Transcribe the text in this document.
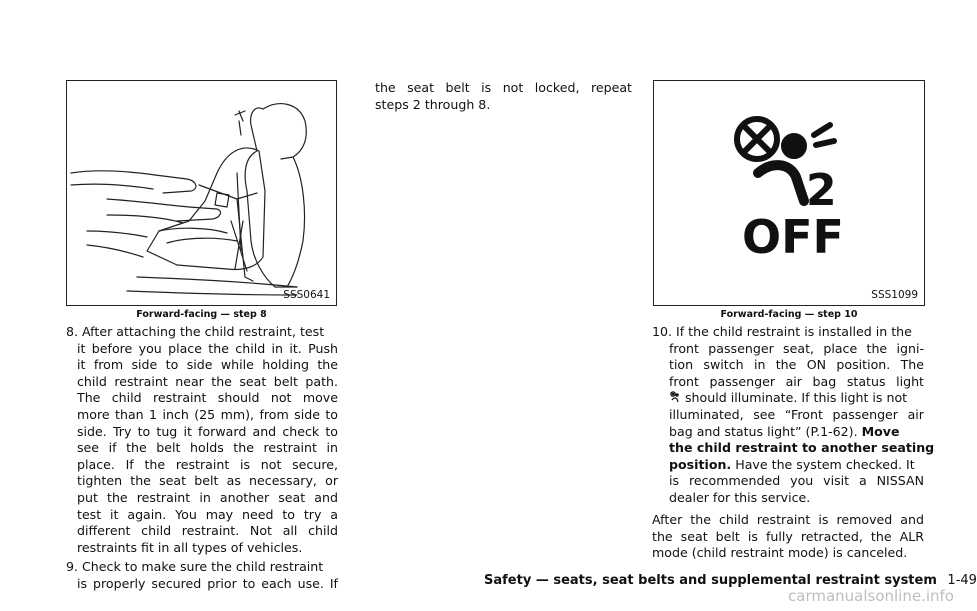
SSS0641
Forward-facing — step 8
8. After attaching the child restraint, test
it before you place the child in it. Push
it from side to side while holding the
child restraint near the seat belt path.
The child restraint should not move
more than 1 inch (25 mm), from side to
side. Try to tug it forward and check to
see if the belt holds the restraint in
place. If the restraint is not secure,
tighten the seat belt as necessary, or
put the restraint in another seat and
test it again. You may need to try a
different child restraint. Not all child
restraints fit in all types of vehicles.
9. Check to make sure the child restraint
is properly secured prior to each use. If
the seat belt is not locked, repeat
steps 2 through 8.
2
OFF
SSS1099
Forward-facing — step 10
10. If the child restraint is installed in the
front passenger seat, place the igni-
tion switch in the ON position. The
front passenger air bag status light
should illuminate. If this light is not
illuminated, see “Front passenger air
bag and status light” (P.1-62). Move
the child restraint to another seating
position. Have the system checked. It
is recommended you visit a NISSAN
dealer for this service.
After the child restraint is removed and
the seat belt is fully retracted, the ALR
mode (child restraint mode) is canceled.
Safety — seats, seat belts and supplemental restraint system 1-49
carmanualsonline.info
